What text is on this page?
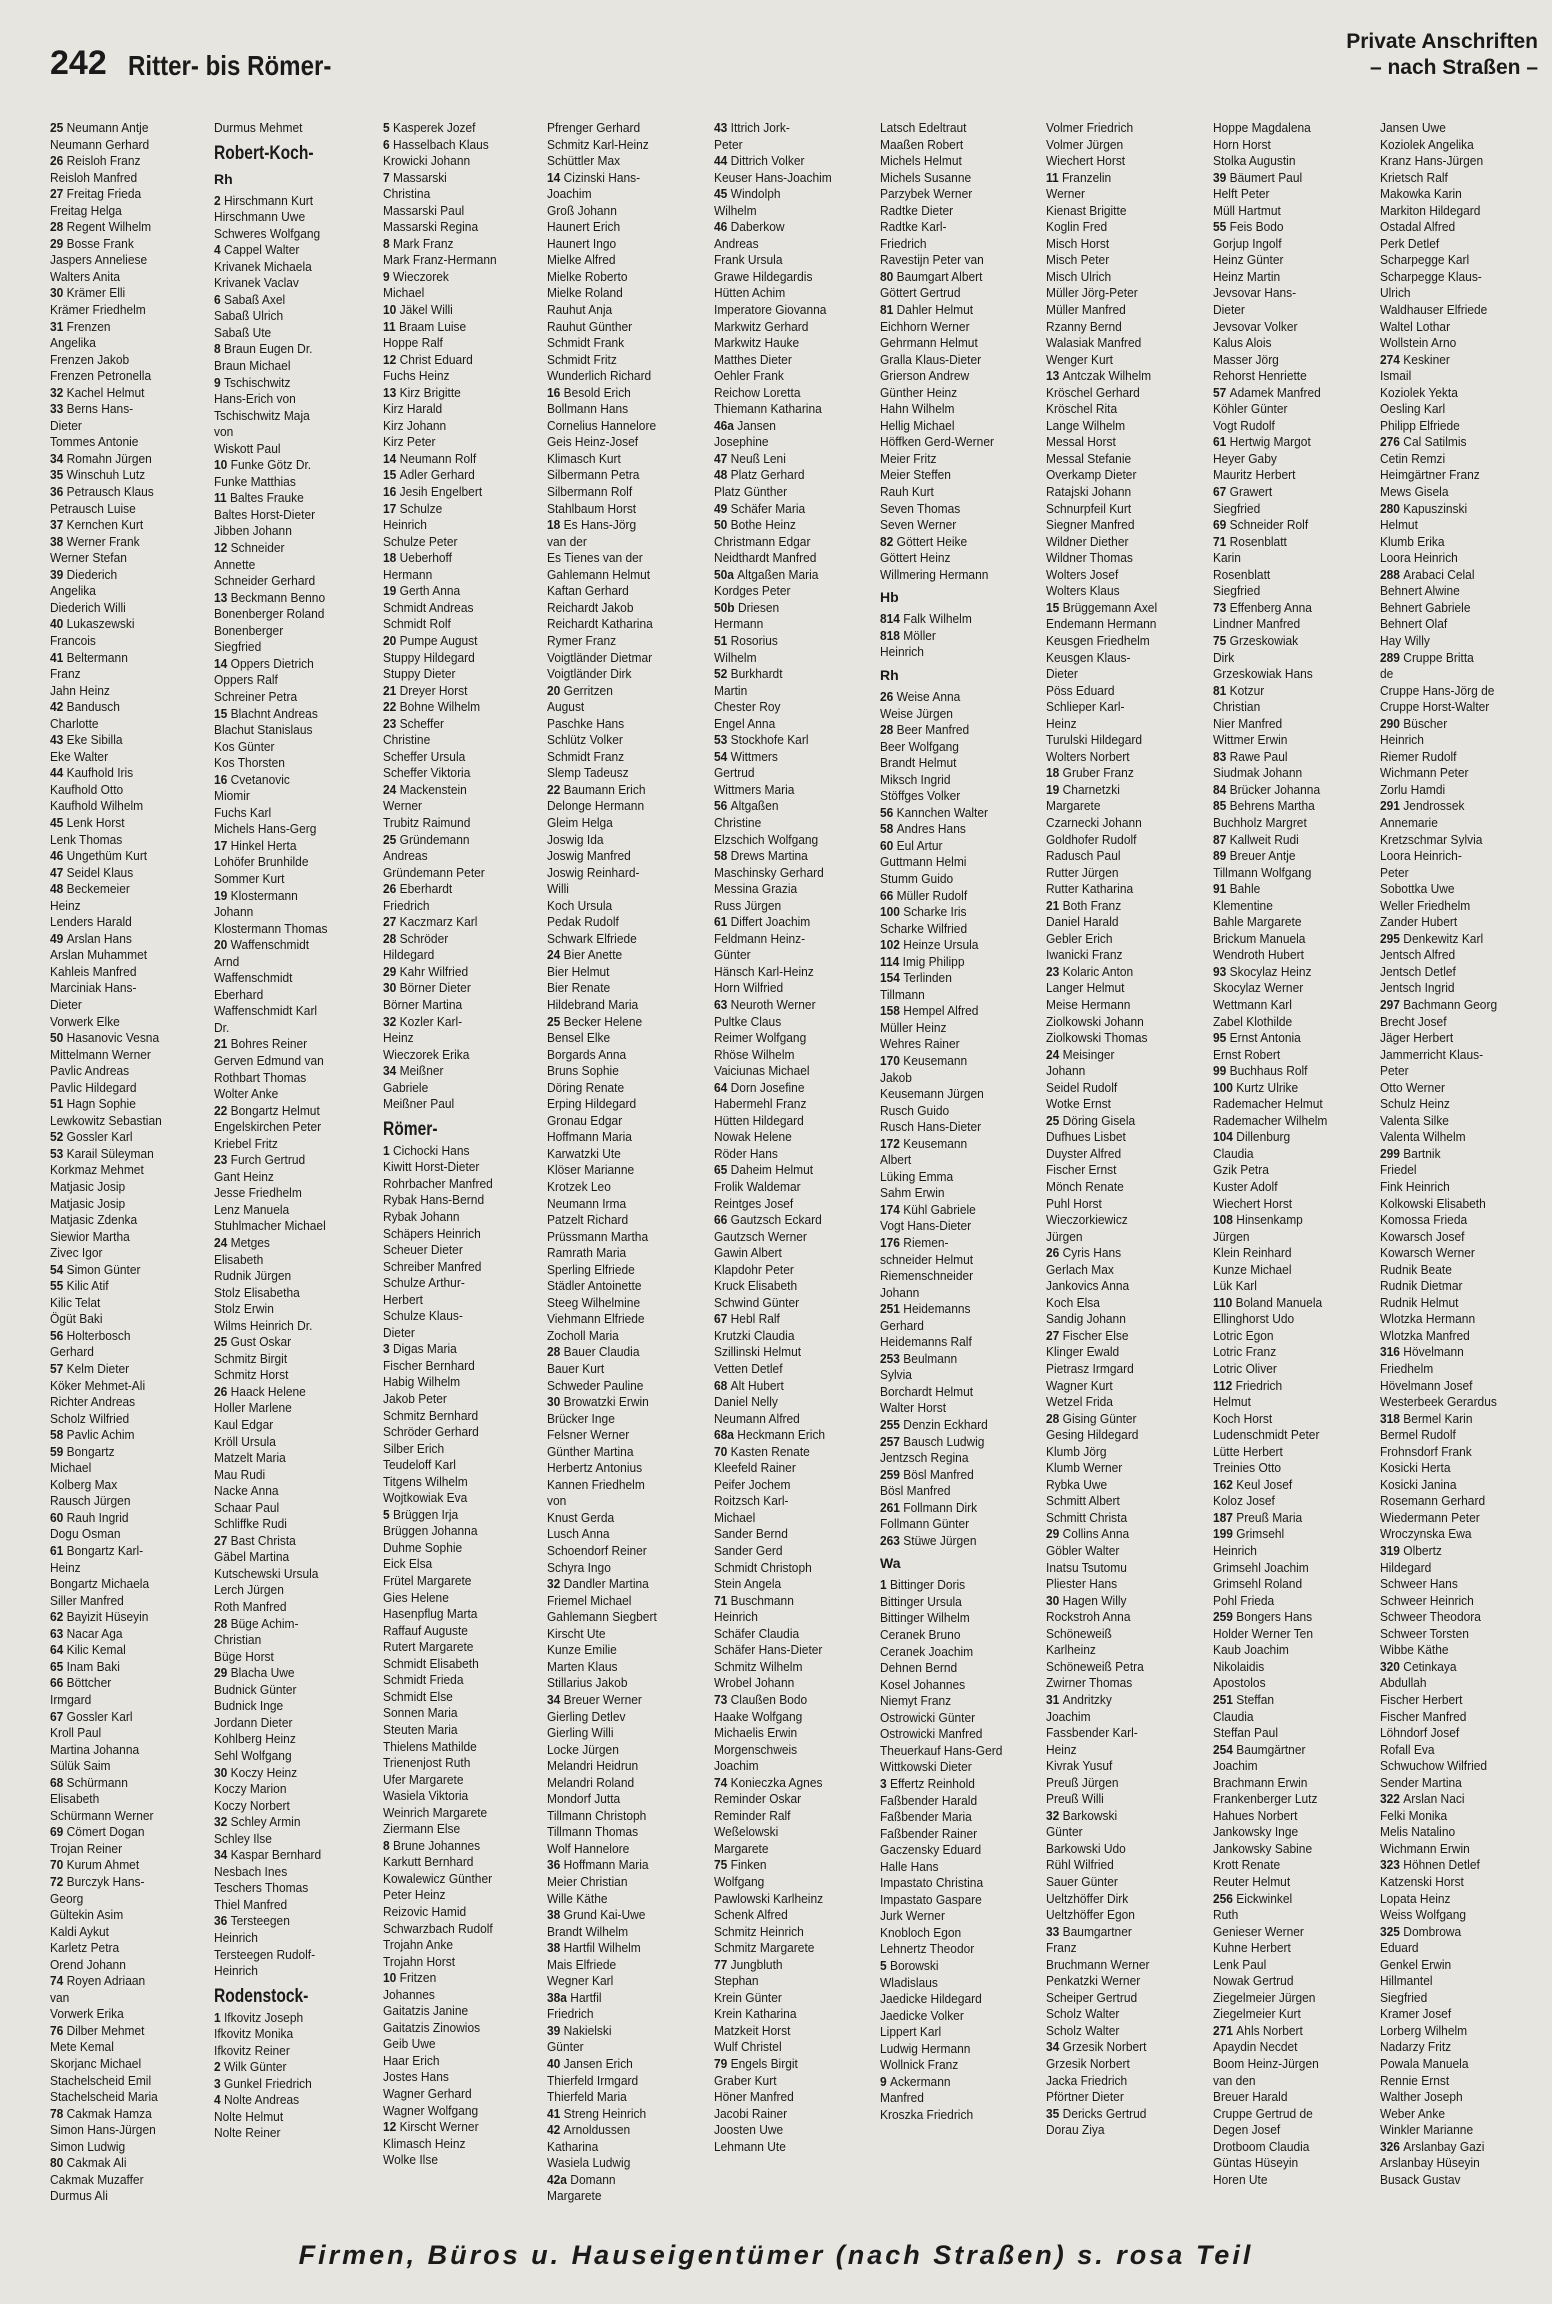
242 Ritter- bis Römer-
Private Anschriften
– nach Straßen –
25 Neumann Antje
Neumann Gerhard
26 Reisloh Franz
Reisloh Manfred
27 Freitag Frieda
Freitag Helga
28 Regent Wilhelm
29 Bosse Frank
Jaspers Anneliese
Walters Anita
30 Krämer Elli
Krämer Friedhelm
31 Frenzen
Angelika
Frenzen Jakob
Frenzen Petronella
32 Kachel Helmut
33 Berns Hans-
Dieter
Tommes Antonie
34 Romahn Jürgen
35 Winschuh Lutz
36 Petrausch Klaus
Petrausch Luise
37 Kernchen Kurt
38 Werner Frank
Werner Stefan
39 Diederich
Angelika
Diederich Willi
40 Lukaszewski
Francois
41 Beltermann
Franz
Jahn Heinz
42 Bandusch
Charlotte
43 Eke Sibilla
Eke Walter
44 Kaufhold Iris
Kaufhold Otto
Kaufhold Wilhelm
45 Lenk Horst
Lenk Thomas
46 Ungethüm Kurt
47 Seidel Klaus
48 Beckemeier
Heinz
Lenders Harald
49 Arslan Hans
Arslan Muhammet
Kahleis Manfred
Marciniak Hans-
Dieter
Vorwerk Elke
50 Hasanovic Vesna
Mittelmann Werner
Pavlic Andreas
Pavlic Hildegard
51 Hagn Sophie
Lewkowitz Sebastian
52 Gossler Karl
53 Karail Süleyman
Korkmaz Mehmet
Matjasic Josip
Matjasic Josip
Matjasic Zdenka
Siewior Martha
Zivec Igor
54 Simon Günter
55 Kilic Atif
Kilic Telat
Ögüt Baki
56 Holterbosch
Gerhard
57 Kelm Dieter
Köker Mehmet-Ali
Richter Andreas
Scholz Wilfried
58 Pavlic Achim
59 Bongartz
Michael
Kolberg Max
Rausch Jürgen
60 Rauh Ingrid
Dogu Osman
61 Bongartz Karl-
Heinz
Bongartz Michaela
Siller Manfred
62 Bayizit Hüseyin
63 Nacar Aga
64 Kilic Kemal
65 Inam Baki
66 Böttcher
Irmgard
67 Gossler Karl
Kroll Paul
Martina Johanna
Sülük Saim
68 Schürmann
Elisabeth
Schürmann Werner
69 Cömert Dogan
Trojan Reiner
70 Kurum Ahmet
72 Burczyk Hans-
Georg
Gültekin Asim
Kaldi Aykut
Karletz Petra
Orend Johann
74 Royen Adriaan
van
Vorwerk Erika
76 Dilber Mehmet
Mete Kemal
Skorjanc Michael
Stachelscheid Emil
Stachelscheid Maria
78 Cakmak Hamza
Simon Hans-Jürgen
Simon Ludwig
80 Cakmak Ali
Cakmak Muzaffer
Durmus Ali
Durmus Mehmet
Robert-Koch-
Rh
2 Hirschmann Kurt
Hirschmann Uwe
Schweres Wolfgang
4 Cappel Walter
Krivanek Michaela
Krivanek Vaclav
6 Sabaß Axel
Sabaß Ulrich
Sabaß Ute
8 Braun Eugen Dr.
Braun Michael
9 Tschischwitz
Hans-Erich von
Tschischwitz Maja
von
Wiskott Paul
10 Funke Götz Dr.
Funke Matthias
11 Baltes Frauke
Baltes Horst-Dieter
Jibben Johann
12 Schneider
Annette
Schneider Gerhard
13 Beckmann Benno
Bonenberger Roland
Bonenberger
Siegfried
14 Oppers Dietrich
Oppers Ralf
Schreiner Petra
15 Blachnt Andreas
Blachut Stanislaus
Kos Günter
Kos Thorsten
16 Cvetanovic
Miomir
Fuchs Karl
Michels Hans-Gerg
17 Hinkel Herta
Lohöfer Brunhilde
Sommer Kurt
19 Klostermann
Johann
Klostermann Thomas
20 Waffenschmidt
Arnd
Waffenschmidt
Eberhard
Waffenschmidt Karl
Dr.
21 Bohres Reiner
Gerven Edmund van
Rothbart Thomas
Wolter Anke
22 Bongartz Helmut
Engelskirchen Peter
Kriebel Fritz
23 Furch Gertrud
Gant Heinz
Jesse Friedhelm
Lenz Manuela
Stuhlmacher Michael
24 Metges
Elisabeth
Rudnik Jürgen
Stolz Elisabetha
Stolz Erwin
Wilms Heinrich Dr.
25 Gust Oskar
Schmitz Birgit
Schmitz Horst
26 Haack Helene
Holler Marlene
Kaul Edgar
Kröll Ursula
Matzelt Maria
Mau Rudi
Nacke Anna
Schaar Paul
Schliffke Rudi
27 Bast Christa
Gäbel Martina
Kutschewski Ursula
Lerch Jürgen
Roth Manfred
28 Büge Achim-
Christian
Büge Horst
29 Blacha Uwe
Budnick Günter
Budnick Inge
Jordann Dieter
Kohlberg Heinz
Sehl Wolfgang
30 Koczy Heinz
Koczy Marion
Koczy Norbert
32 Schley Armin
Schley Ilse
34 Kaspar Bernhard
Nesbach Ines
Teschers Thomas
Thiel Manfred
36 Tersteegen
Heinrich
Tersteegen Rudolf-
Heinrich
Rodenstock-
1 Ifkovitz Joseph
Ifkovitz Monika
Ifkovitz Reiner
2 Wilk Günter
3 Gunkel Friedrich
4 Nolte Andreas
Nolte Helmut
Nolte Reiner
5 Kasperek Jozef
6 Hasselbach Klaus
Krowicki Johann
7 Massarski
Christina
Massarski Paul
Massarski Regina
8 Mark Franz
Mark Franz-Hermann
9 Wieczorek
Michael
10 Jäkel Willi
11 Braam Luise
Hoppe Ralf
12 Christ Eduard
Fuchs Heinz
13 Kirz Brigitte
Kirz Harald
Kirz Johann
Kirz Peter
14 Neumann Rolf
15 Adler Gerhard
16 Jesih Engelbert
17 Schulze
Heinrich
Schulze Peter
18 Ueberhoff
Hermann
19 Gerth Anna
Schmidt Andreas
Schmidt Rolf
20 Pumpe August
Stuppy Hildegard
Stuppy Dieter
21 Dreyer Horst
22 Bohne Wilhelm
23 Scheffer
Christine
Scheffer Ursula
Scheffer Viktoria
24 Mackenstein
Werner
Trubitz Raimund
25 Gründemann
Andreas
Gründemann Peter
26 Eberhardt
Friedrich
27 Kaczmarz Karl
28 Schröder
Hildegard
29 Kahr Wilfried
30 Börner Dieter
Börner Martina
32 Kozler Karl-
Heinz
Wieczorek Erika
34 Meißner
Gabriele
Meißner Paul
Römer-
1 Cichocki Hans
Kiwitt Horst-Dieter
Rohrbacher Manfred
Rybak Hans-Bernd
Rybak Johann
Schäpers Heinrich
Scheuer Dieter
Schreiber Manfred
Schulze Arthur-
Herbert
Schulze Klaus-
Dieter
3 Digas Maria
Fischer Bernhard
Habig Wilhelm
Jakob Peter
Schmitz Bernhard
Schröder Gerhard
Silber Erich
Teudeloff Karl
Titgens Wilhelm
Wojtkowiak Eva
5 Brüggen Irja
Brüggen Johanna
Duhme Sophie
Eick Elsa
Frütel Margarete
Gies Helene
Hasenpflug Marta
Raffauf Auguste
Rutert Margarete
Schmidt Elisabeth
Schmidt Frieda
Schmidt Else
Sonnen Maria
Steuten Maria
Thielens Mathilde
Trienenjost Ruth
Ufer Margarete
Wasiela Viktoria
Weinrich Margarete
Ziermann Else
8 Brune Johannes
Karkutt Bernhard
Kowalewicz Günther
Peter Heinz
Reizovic Hamid
Schwarzbach Rudolf
Trojahn Anke
Trojahn Horst
10 Fritzen
Johannes
Gaitatzis Janine
Gaitatzis Zinowios
Geib Uwe
Haar Erich
Jostes Hans
Wagner Gerhard
Wagner Wolfgang
12 Kirscht Werner
Klimasch Heinz
Wolke Ilse
Pfrenger Gerhard
Schmitz Karl-Heinz
Schüttler Max
14 Cizinski Hans-
Joachim
Groß Johann
Haunert Erich
Haunert Ingo
Mielke Alfred
Mielke Roberto
Mielke Roland
Rauhut Anja
Rauhut Günther
Schmidt Frank
Schmidt Fritz
Wunderlich Richard
16 Besold Erich
Bollmann Hans
Cornelius Hannelore
Geis Heinz-Josef
Klimasch Kurt
Silbermann Petra
Silbermann Rolf
Stahlbaum Horst
18 Es Hans-Jörg
van der
Es Tienes van der
Gahlemann Helmut
Kaftan Gerhard
Reichardt Jakob
Reichardt Katharina
Rymer Franz
Voigtländer Dietmar
Voigtländer Dirk
20 Gerritzen
August
Paschke Hans
Schlütz Volker
Schmidt Franz
Slemp Tadeusz
22 Baumann Erich
Delonge Hermann
Gleim Helga
Joswig Ida
Joswig Manfred
Joswig Reinhard-
Willi
Koch Ursula
Pedak Rudolf
Schwark Elfriede
24 Bier Anette
Bier Helmut
Bier Renate
Hildebrand Maria
25 Becker Helene
Bensel Elke
Borgards Anna
Bruns Sophie
Döring Renate
Erping Hildegard
Gronau Edgar
Hoffmann Maria
Karwatzki Ute
Klöser Marianne
Krotzek Leo
Neumann Irma
Patzelt Richard
Prüssmann Martha
Ramrath Maria
Sperling Elfriede
Städler Antoinette
Steeg Wilhelmine
Viehmann Elfriede
Zocholl Maria
28 Bauer Claudia
Bauer Kurt
Schweder Pauline
30 Browatzki Erwin
Brücker Inge
Felsner Werner
Günther Martina
Herbertz Antonius
Kannen Friedhelm
von
Knust Gerda
Lusch Anna
Schoendorf Reiner
Schyra Ingo
32 Dandler Martina
Friemel Michael
Gahlemann Siegbert
Kirscht Ute
Kunze Emilie
Marten Klaus
Stillarius Jakob
34 Breuer Werner
Gierling Detlev
Gierling Willi
Locke Jürgen
Melandri Heidrun
Melandri Roland
Mondorf Jutta
Tillmann Christoph
Tillmann Thomas
Wolf Hannelore
36 Hoffmann Maria
Meier Christian
Wille Käthe
38 Grund Kai-Uwe
Brandt Wilhelm
38 Hartfil Wilhelm
Mais Elfriede
Wegner Karl
38a Hartfil
Friedrich
39 Nakielski
Günter
40 Jansen Erich
Thierfeld Irmgard
Thierfeld Maria
41 Streng Heinrich
42 Arnoldussen
Katharina
Wasiela Ludwig
42a Domann
Margarete
43 Ittrich Jork-
Peter
44 Dittrich Volker
Keuser Hans-Joachim
45 Windolph
Wilhelm
46 Daberkow
Andreas
Frank Ursula
Grawe Hildegardis
Hütten Achim
Imperatore Giovanna
Markwitz Gerhard
Markwitz Hauke
Matthes Dieter
Oehler Frank
Reichow Loretta
Thiemann Katharina
46a Jansen
Josephine
47 Neuß Leni
48 Platz Gerhard
Platz Günther
49 Schäfer Maria
50 Bothe Heinz
Christmann Edgar
Neidthardt Manfred
50a Altgaßen Maria
Kordges Peter
50b Driesen
Hermann
51 Rosorius
Wilhelm
52 Burkhardt
Martin
Chester Roy
Engel Anna
53 Stockhofe Karl
54 Wittmers
Gertrud
Wittmers Maria
56 Altgaßen
Christine
Elzschich Wolfgang
58 Drews Martina
Maschinsky Gerhard
Messina Grazia
Russ Jürgen
61 Differt Joachim
Feldmann Heinz-
Günter
Hänsch Karl-Heinz
Horn Wilfried
63 Neuroth Werner
Pultke Claus
Reimer Wolfgang
Rhöse Wilhelm
Vaiciunas Michael
64 Dorn Josefine
Habermehl Franz
Hütten Hildegard
Nowak Helene
Röder Hans
65 Daheim Helmut
Frolik Waldemar
Reintges Josef
66 Gautzsch Eckard
Gautzsch Werner
Gawin Albert
Klapdohr Peter
Kruck Elisabeth
Schwind Günter
67 Hebl Ralf
Krutzki Claudia
Szillinski Helmut
Vetten Detlef
68 Alt Hubert
Daniel Nelly
Neumann Alfred
68a Heckmann Erich
70 Kasten Renate
Kleefeld Rainer
Peifer Jochem
Roitzsch Karl-
Michael
Sander Bernd
Sander Gerd
Schmidt Christoph
Stein Angela
71 Buschmann
Heinrich
Schäfer Claudia
Schäfer Hans-Dieter
Schmitz Wilhelm
Wrobel Johann
73 Claußen Bodo
Haake Wolfgang
Michaelis Erwin
Morgenschweis
Joachim
74 Konieczka Agnes
Reminder Oskar
Reminder Ralf
Weßelowski
Margarete
75 Finken
Wolfgang
Pawlowski Karlheinz
Schenk Alfred
Schmitz Heinrich
Schmitz Margarete
77 Jungbluth
Stephan
Krein Günter
Krein Katharina
Matzkeit Horst
Wulf Christel
79 Engels Birgit
Graber Kurt
Höner Manfred
Jacobi Rainer
Joosten Uwe
Lehmann Ute
Latsch Edeltraut
Maaßen Robert
Michels Helmut
Michels Susanne
Parzybek Werner
Radtke Dieter
Radtke Karl-
Friedrich
Ravestijn Peter van
80 Baumgart Albert
Göttert Gertrud
81 Dahler Helmut
Eichhorn Werner
Gehrmann Helmut
Gralla Klaus-Dieter
Grierson Andrew
Günther Heinz
Hahn Wilhelm
Hellig Michael
Höffken Gerd-Werner
Meier Fritz
Meier Steffen
Rauh Kurt
Seven Thomas
Seven Werner
82 Göttert Heike
Göttert Heinz
Willmering Hermann
Hb
814 Falk Wilhelm
818 Möller
Heinrich
Rh
26 Weise Anna
Weise Jürgen
28 Beer Manfred
Beer Wolfgang
Brandt Helmut
Miksch Ingrid
Stöffges Volker
56 Kannchen Walter
58 Andres Hans
60 Eul Artur
Guttmann Helmi
Stumm Guido
66 Müller Rudolf
100 Scharke Iris
Scharke Wilfried
102 Heinze Ursula
114 Imig Philipp
154 Terlinden
Tillmann
158 Hempel Alfred
Müller Heinz
Wehres Rainer
170 Keusemann
Jakob
Keusemann Jürgen
Rusch Guido
Rusch Hans-Dieter
172 Keusemann
Albert
Lüking Emma
Sahm Erwin
174 Kühl Gabriele
Vogt Hans-Dieter
176 Riemen-
schneider Helmut
Riemenschneider
Johann
251 Heidemanns
Gerhard
Heidemanns Ralf
253 Beulmann
Sylvia
Borchardt Helmut
Walter Horst
255 Denzin Eckhard
257 Bausch Ludwig
Jentzsch Regina
259 Bösl Manfred
Bösl Manfred
261 Follmann Dirk
Follmann Günter
263 Stüwe Jürgen
Wa
1 Bittinger Doris
Bittinger Ursula
Bittinger Wilhelm
Ceranek Bruno
Ceranek Joachim
Dehnen Bernd
Kosel Johannes
Niemyt Franz
Ostrowicki Günter
Ostrowicki Manfred
Theuerkauf Hans-Gerd
Wittkowski Dieter
3 Effertz Reinhold
Faßbender Harald
Faßbender Maria
Faßbender Rainer
Gaczensky Eduard
Halle Hans
Impastato Christina
Impastato Gaspare
Jurk Werner
Knobloch Egon
Lehnertz Theodor
5 Borowski
Wladislaus
Jaedicke Hildegard
Jaedicke Volker
Lippert Karl
Ludwig Hermann
Wollnick Franz
9 Ackermann
Manfred
Kroszka Friedrich
Volmer Friedrich
Volmer Jürgen
Wiechert Horst
11 Franzelin
Werner
Kienast Brigitte
Koglin Fred
Misch Horst
Misch Peter
Misch Ulrich
Müller Jörg-Peter
Müller Manfred
Rzanny Bernd
Walasiak Manfred
Wenger Kurt
13 Antczak Wilhelm
Kröschel Gerhard
Kröschel Rita
Lange Wilhelm
Messal Horst
Messal Stefanie
Overkamp Dieter
Ratajski Johann
Schnurpfeil Kurt
Siegner Manfred
Wildner Diether
Wildner Thomas
Wolters Josef
Wolters Klaus
15 Brüggemann Axel
Endemann Hermann
Keusgen Friedhelm
Keusgen Klaus-
Dieter
Pöss Eduard
Schlieper Karl-
Heinz
Turulski Hildegard
Wolters Norbert
18 Gruber Franz
19 Charnetzki
Margarete
Czarnecki Johann
Goldhofer Rudolf
Radusch Paul
Rutter Jürgen
Rutter Katharina
21 Both Franz
Daniel Harald
Gebler Erich
Iwanicki Franz
23 Kolaric Anton
Langer Helmut
Meise Hermann
Ziolkowski Johann
Ziolkowski Thomas
24 Meisinger
Johann
Seidel Rudolf
Wotke Ernst
25 Döring Gisela
Dufhues Lisbet
Duyster Alfred
Fischer Ernst
Mönch Renate
Puhl Horst
Wieczorkiewicz
Jürgen
26 Cyris Hans
Gerlach Max
Jankovics Anna
Koch Elsa
Sandig Johann
27 Fischer Else
Klinger Ewald
Pietrasz Irmgard
Wagner Kurt
Wetzel Frida
28 Gising Günter
Gesing Hildegard
Klumb Jörg
Klumb Werner
Rybka Uwe
Schmitt Albert
Schmitt Christa
29 Collins Anna
Göbler Walter
Inatsu Tsutomu
Pliester Hans
30 Hagen Willy
Rockstroh Anna
Schöneweiß
Karlheinz
Schöneweiß Petra
Zwirner Thomas
31 Andritzky
Joachim
Fassbender Karl-
Heinz
Kivrak Yusuf
Preuß Jürgen
Preuß Willi
32 Barkowski
Günter
Barkowski Udo
Rühl Wilfried
Sauer Günter
Ueltzhöffer Dirk
Ueltzhöffer Egon
33 Baumgartner
Franz
Bruchmann Werner
Penkatzki Werner
Scheiper Gertrud
Scholz Walter
Scholz Walter
34 Grzesik Norbert
Grzesik Norbert
Jacka Friedrich
Pförtner Dieter
35 Dericks Gertrud
Dorau Ziya
Hoppe Magdalena
Horn Horst
Stolka Augustin
39 Bäumert Paul
Helft Peter
Müll Hartmut
55 Feis Bodo
Gorjup Ingolf
Heinz Günter
Heinz Martin
Jevsovar Hans-
Dieter
Jevsovar Volker
Kalus Alois
Masser Jörg
Rehorst Henriette
57 Adamek Manfred
Köhler Günter
Vogt Rudolf
61 Hertwig Margot
Heyer Gaby
Mauritz Herbert
67 Grawert
Siegfried
69 Schneider Rolf
71 Rosenblatt
Karin
Rosenblatt
Siegfried
73 Effenberg Anna
Lindner Manfred
75 Grzeskowiak
Dirk
Grzeskowiak Hans
81 Kotzur
Christian
Nier Manfred
Wittmer Erwin
83 Rawe Paul
Siudmak Johann
84 Brücker Johanna
85 Behrens Martha
Buchholz Margret
87 Kallweit Rudi
89 Breuer Antje
Tillmann Wolfgang
91 Bahle
Klementine
Bahle Margarete
Brickum Manuela
Wendroth Hubert
93 Skocylaz Heinz
Skocylaz Werner
Wettmann Karl
Zabel Klothilde
95 Ernst Antonia
Ernst Robert
99 Buchhaus Rolf
100 Kurtz Ulrike
Rademacher Helmut
Rademacher Wilhelm
104 Dillenburg
Claudia
Gzik Petra
Kuster Adolf
Wiechert Horst
108 Hinsenkamp
Jürgen
Klein Reinhard
Kunze Michael
Lük Karl
110 Boland Manuela
Ellinghorst Udo
Lotric Egon
Lotric Franz
Lotric Oliver
112 Friedrich
Helmut
Koch Horst
Ludenschmidt Peter
Lütte Herbert
Treinies Otto
162 Keul Josef
Koloz Josef
187 Preuß Maria
199 Grimsehl
Heinrich
Grimsehl Joachim
Grimsehl Roland
Pohl Frieda
259 Bongers Hans
Holder Werner Ten
Kaub Joachim
Nikolaidis
Apostolos
251 Steffan
Claudia
Steffan Paul
254 Baumgärtner
Joachim
Brachmann Erwin
Frankenberger Lutz
Hahues Norbert
Jankowsky Inge
Jankowsky Sabine
Krott Renate
Reuter Helmut
256 Eickwinkel
Ruth
Genieser Werner
Kuhne Herbert
Lenk Paul
Nowak Gertrud
Ziegelmeier Jürgen
Ziegelmeier Kurt
271 Ahls Norbert
Apaydin Necdet
Boom Heinz-Jürgen
van den
Breuer Harald
Cruppe Gertrud de
Degen Josef
Drotboom Claudia
Güntas Hüseyin
Horen Ute
Jansen Uwe
Koziolek Angelika
Kranz Hans-Jürgen
Krietsch Ralf
Makowka Karin
Markiton Hildegard
Ostadal Alfred
Perk Detlef
Scharpegge Karl
Scharpegge Klaus-
Ulrich
Waldhauser Elfriede
Waltel Lothar
Wollstein Arno
274 Keskiner
Ismail
Koziolek Yekta
Oesling Karl
Philipp Elfriede
276 Cal Satilmis
Cetin Remzi
Heimgärtner Franz
Mews Gisela
280 Kapuszinski
Helmut
Klumb Erika
Loora Heinrich
288 Arabaci Celal
Behnert Alwine
Behnert Gabriele
Behnert Olaf
Hay Willy
289 Cruppe Britta
de
Cruppe Hans-Jörg de
Cruppe Horst-Walter
290 Büscher
Heinrich
Riemer Rudolf
Wichmann Peter
Zorlu Hamdi
291 Jendrossek
Annemarie
Kretzschmar Sylvia
Loora Heinrich-
Peter
Sobottka Uwe
Weller Friedhelm
Zander Hubert
295 Denkewitz Karl
Jentsch Alfred
Jentsch Detlef
Jentsch Ingrid
297 Bachmann Georg
Brecht Josef
Jäger Herbert
Jammerricht Klaus-
Peter
Otto Werner
Schulz Heinz
Valenta Silke
Valenta Wilhelm
299 Bartnik
Friedel
Fink Heinrich
Kolkowski Elisabeth
Komossa Frieda
Kowarsch Josef
Kowarsch Werner
Rudnik Beate
Rudnik Dietmar
Rudnik Helmut
Wlotzka Hermann
Wlotzka Manfred
316 Hövelmann
Friedhelm
Hövelmann Josef
Westerbeek Gerardus
318 Bermel Karin
Bermel Rudolf
Frohnsdorf Frank
Kosicki Herta
Kosicki Janina
Rosemann Gerhard
Wiedermann Peter
Wroczynska Ewa
319 Olbertz
Hildegard
Schweer Hans
Schweer Heinrich
Schweer Theodora
Schweer Torsten
Wibbe Käthe
320 Cetinkaya
Abdullah
Fischer Herbert
Fischer Manfred
Löhndorf Josef
Rofall Eva
Schwuchow Wilfried
Sender Martina
322 Arslan Naci
Felki Monika
Melis Natalino
Wichmann Erwin
323 Höhnen Detlef
Katzenski Horst
Lopata Heinz
Weiss Wolfgang
325 Dombrowa
Eduard
Genkel Erwin
Hillmantel
Siegfried
Kramer Josef
Lorberg Wilhelm
Nadarzy Fritz
Powala Manuela
Rennie Ernst
Walther Joseph
Weber Anke
Winkler Marianne
326 Arslanbay Gazi
Arslanbay Hüseyin
Busack Gustav
Firmen, Büros u. Hauseigentümer (nach Straßen) s. rosa Teil
